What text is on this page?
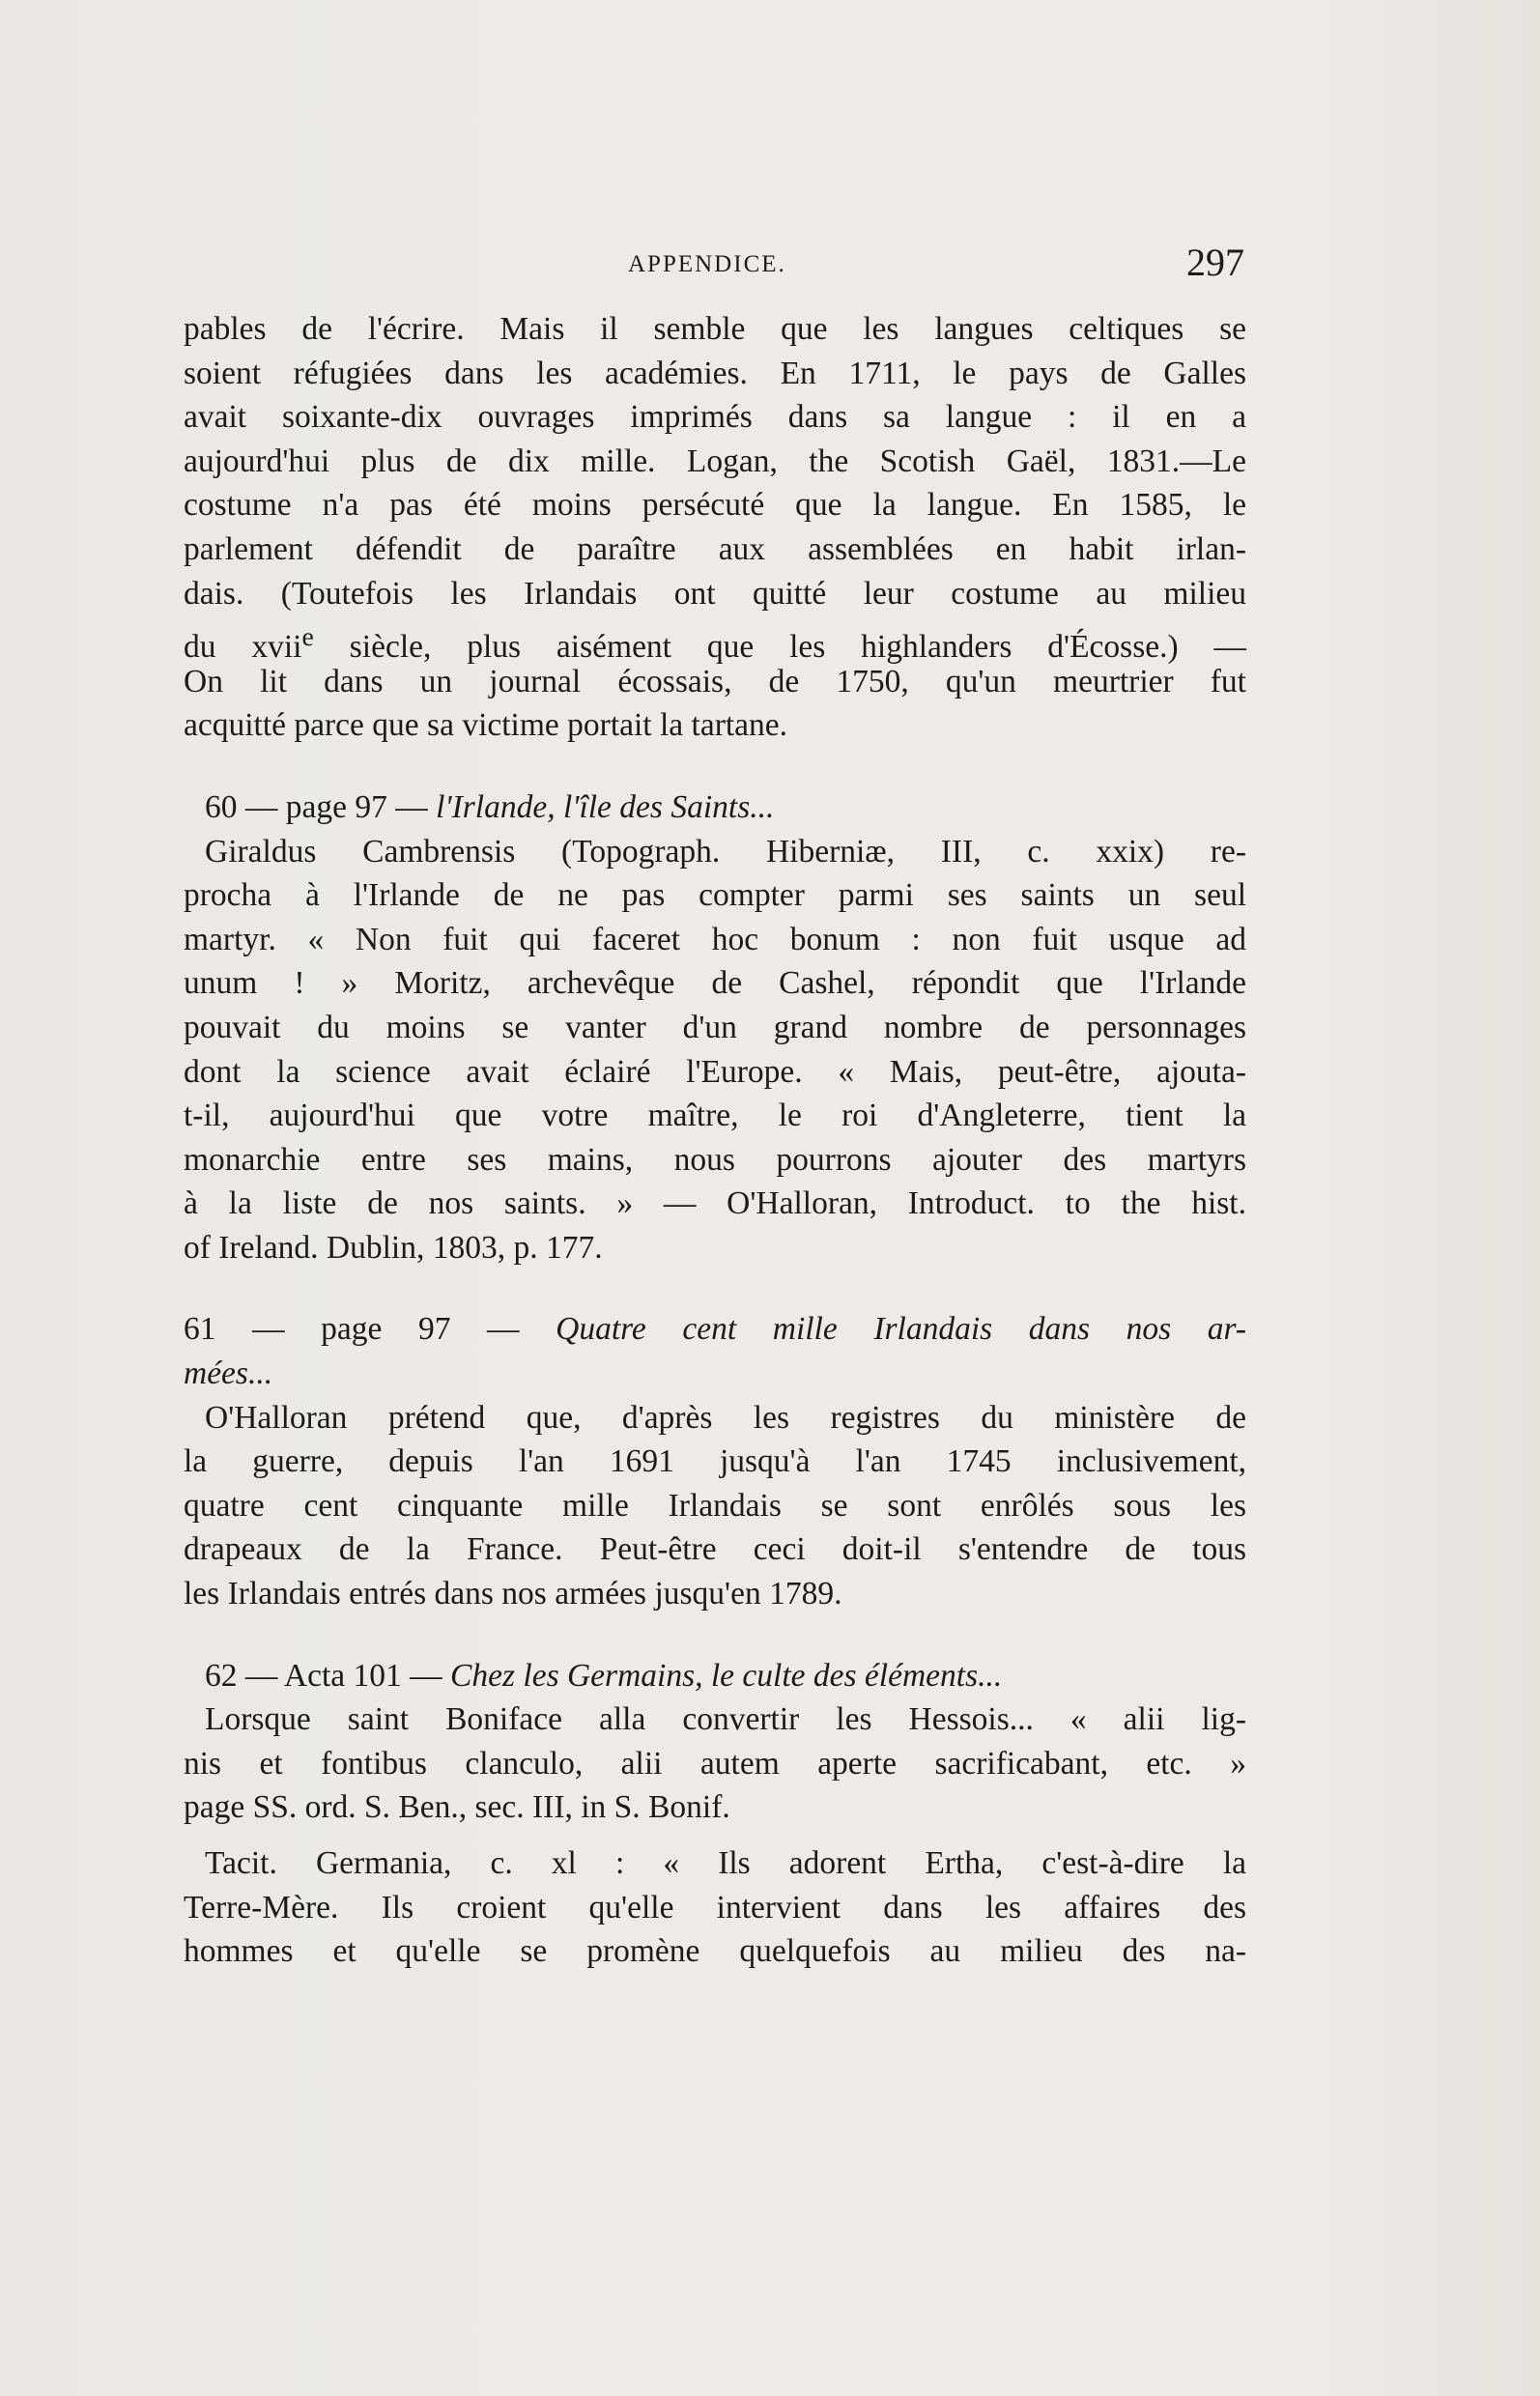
APPENDICE.	297
pables de l'écrire. Mais il semble que les langues celtiques se
soient réfugiées dans les académies. En 1711, le pays de Galles
avait soixante-dix ouvrages imprimés dans sa langue : il en a
aujourd'hui plus de dix mille. Logan, the Scotish Gaël, 1831.—Le
costume n'a pas été moins persécuté que la langue. En 1585, le
parlement défendit de paraître aux assemblées en habit irlan-
dais. (Toutefois les Irlandais ont quitté leur costume au milieu
du xvii$^e$ siècle, plus aisément que les highlanders d'Écosse.) —
On lit dans un journal écossais, de 1750, qu'un meurtrier fut
acquitté parce que sa victime portait la tartane.
60 — page 97 — l'Irlande, l'île des Saints...
Giraldus Cambrensis (Topograph. Hiberniæ, III, c. xxix) re-
procha à l'Irlande de ne pas compter parmi ses saints un seul
martyr. « Non fuit qui faceret hoc bonum : non fuit usque ad
unum ! » Moritz, archevêque de Cashel, répondit que l'Irlande
pouvait du moins se vanter d'un grand nombre de personnages
dont la science avait éclairé l'Europe. « Mais, peut-être, ajouta-
t-il, aujourd'hui que votre maître, le roi d'Angleterre, tient la
monarchie entre ses mains, nous pourrons ajouter des martyrs
à la liste de nos saints. » — O'Halloran, Introduct. to the hist.
of Ireland. Dublin, 1803, p. 177.
61 — page 97 — Quatre cent mille Irlandais dans nos ar-
mées...
O'Halloran prétend que, d'après les registres du ministère de
la guerre, depuis l'an 1691 jusqu'à l'an 1745 inclusivement,
quatre cent cinquante mille Irlandais se sont enrôlés sous les
drapeaux de la France. Peut-être ceci doit-il s'entendre de tous
les Irlandais entrés dans nos armées jusqu'en 1789.
62 — Acta 101 — Chez les Germains, le culte des éléments...
Lorsque saint Boniface alla convertir les Hessois... « alii lig-
nis et fontibus clanculo, alii autem aperte sacrificabant, etc. »
page SS. ord. S. Ben., sec. III, in S. Bonif.
Tacit. Germania, c. xl : « Ils adorent Ertha, c'est-à-dire la
Terre-Mère. Ils croient qu'elle intervient dans les affaires des
hommes et qu'elle se promène quelquefois au milieu des na-
